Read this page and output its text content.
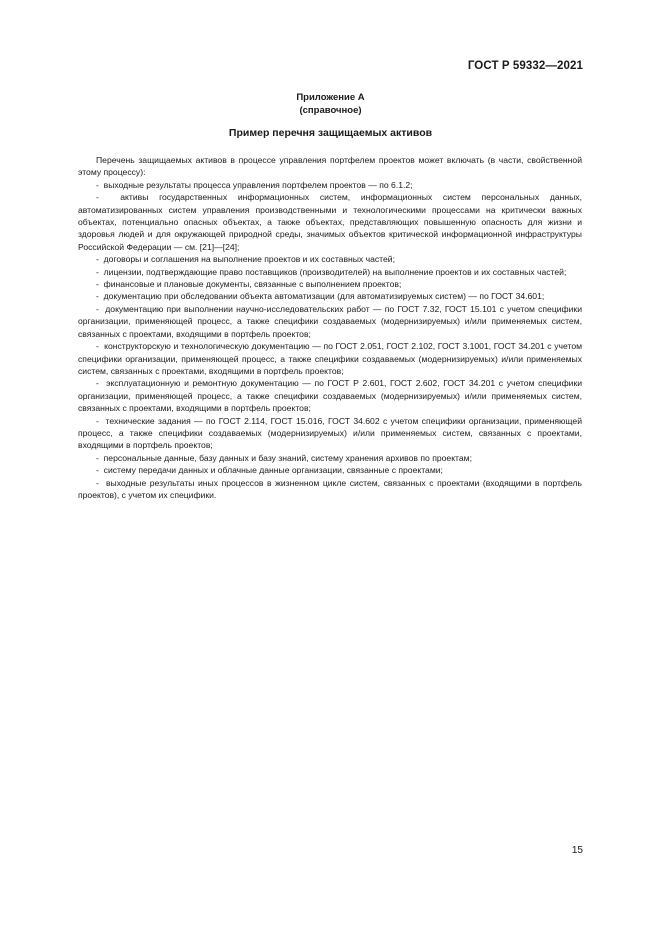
ГОСТ Р 59332—2021
Приложение А
(справочное)
Пример перечня защищаемых активов

Перечень защищаемых активов в процессе управления портфелем проектов может включать (в части, свойственной этому процессу):

-  выходные результаты процесса управления портфелем проектов — по 6.1.2;

-  активы государственных информационных систем, информационных систем персональных данных, автоматизированных систем управления производственными и технологическими процессами на критически важных объектах, потенциально опасных объектах, а также объектах, представляющих повышенную опасность для жизни и здоровья людей и для окружающей природной среды, значимых объектов критической информационной инфраструктуры Российской Федерации — см. [21]—[24];

-  договоры и соглашения на выполнение проектов и их составных частей;

-  лицензии, подтверждающие право поставщиков (производителей) на выполнение проектов и их составных частей;

-  финансовые и плановые документы, связанные с выполнением проектов;

-  документацию при обследовании объекта автоматизации (для автоматизируемых систем) — по ГОСТ 34.601;

-  документацию при выполнении научно-исследовательских работ — по ГОСТ 7.32, ГОСТ 15.101 с учетом специфики организации, применяющей процесс, а также специфики создаваемых (модернизируемых) и/или применяемых систем, связанных с проектами, входящими в портфель проектов;

-  конструкторскую и технологическую документацию — по ГОСТ 2.051, ГОСТ 2.102, ГОСТ 3.1001, ГОСТ 34.201 с учетом специфики организации, применяющей процесс, а также специфики создаваемых (модернизируемых) и/или применяемых систем, связанных с проектами, входящими в портфель проектов;

-  эксплуатационную и ремонтную документацию — по ГОСТ Р 2.601, ГОСТ 2.602, ГОСТ 34.201 с учетом специфики организации, применяющей процесс, а также специфики создаваемых (модернизируемых) и/или применяемых систем, связанных с проектами, входящими в портфель проектов;

-  технические задания — по ГОСТ 2.114, ГОСТ 15.016, ГОСТ 34.602 с учетом специфики организации, применяющей процесс, а также специфики создаваемых (модернизируемых) и/или применяемых систем, связанных с проектами, входящими в портфель проектов;

-  персональные данные, базу данных и базу знаний, систему хранения архивов по проектам;

-  систему передачи данных и облачные данные организации, связанные с проектами;

-  выходные результаты иных процессов в жизненном цикле систем, связанных с проектами (входящими в портфель проектов), с учетом их специфики.

15
